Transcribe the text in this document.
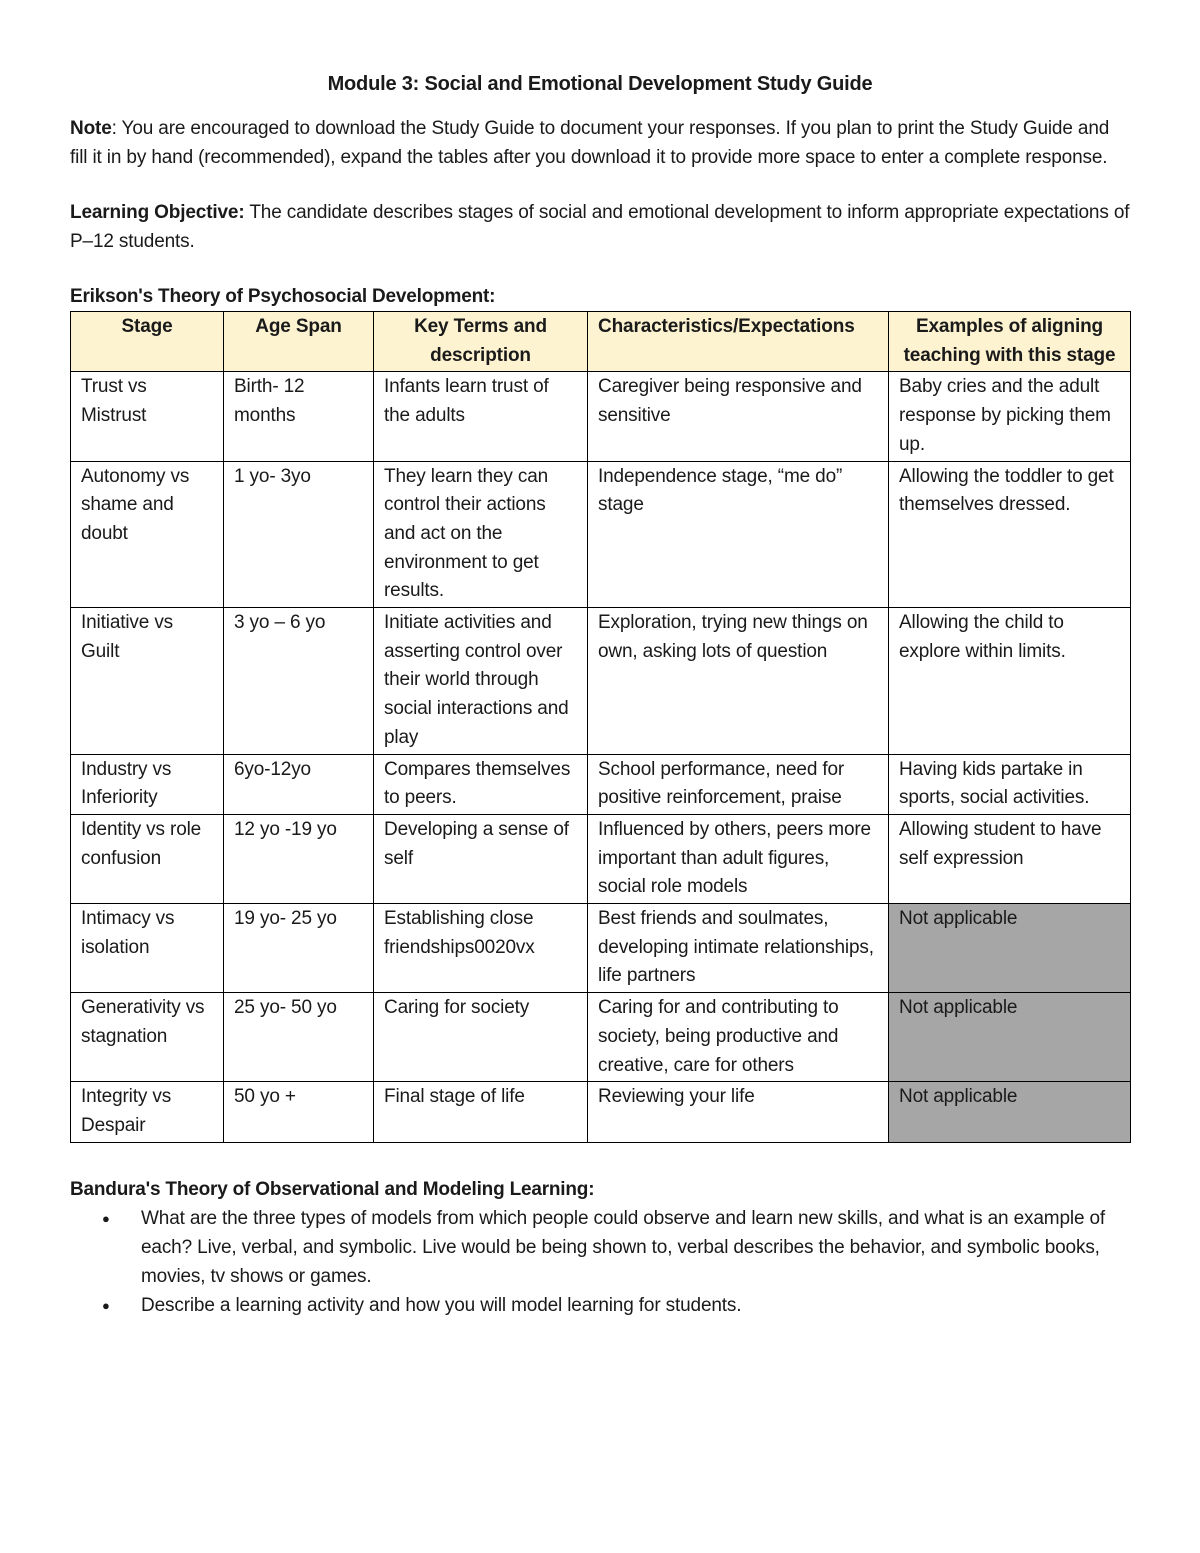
Module 3: Social and Emotional Development Study Guide

Note: You are encouraged to download the Study Guide to document your responses. If you plan to print the Study Guide and fill it in by hand (recommended), expand the tables after you download it to provide more space to enter a complete response.

Learning Objective: The candidate describes stages of social and emotional development to inform appropriate expectations of P–12 students.

Erikson's Theory of Psychosocial Development:
Stage	Age Span	Key Terms and description	Characteristics/Expectations	Examples of aligning teaching with this stage
Trust vs Mistrust	Birth- 12 months	Infants learn trust of the adults	Caregiver being responsive and sensitive	Baby cries and the adult response by picking them up.
Autonomy vs shame and doubt	1 yo- 3yo	They learn they can control their actions and act on the environment to get results.	Independence stage, “me do” stage	Allowing the toddler to get themselves dressed.
Initiative vs Guilt	3 yo – 6 yo	Initiate activities and asserting control over their world through social interactions and play	Exploration, trying new things on own, asking lots of question	Allowing the child to explore within limits.
Industry vs Inferiority	6yo-12yo	Compares themselves to peers.	School performance, need for positive reinforcement, praise	Having kids partake in sports, social activities.
Identity vs role confusion	12 yo -19 yo	Developing a sense of self	Influenced by others, peers more important than adult figures, social role models	Allowing student to have self expression
Intimacy vs isolation	19 yo- 25 yo	Establishing close friendships0020vx	Best friends and soulmates, developing intimate relationships, life partners	Not applicable
Generativity vs stagnation	25 yo- 50 yo	Caring for society	Caring for and contributing to society, being productive and creative, care for others	Not applicable
Integrity vs Despair	50 yo +	Final stage of life	Reviewing your life	Not applicable
Bandura's Theory of Observational and Modeling Learning:
● What are the three types of models from which people could observe and learn new skills, and what is an example of each? Live, verbal, and symbolic. Live would be being shown to, verbal describes the behavior, and symbolic books, movies, tv shows or games.
● Describe a learning activity and how you will model learning for students.
